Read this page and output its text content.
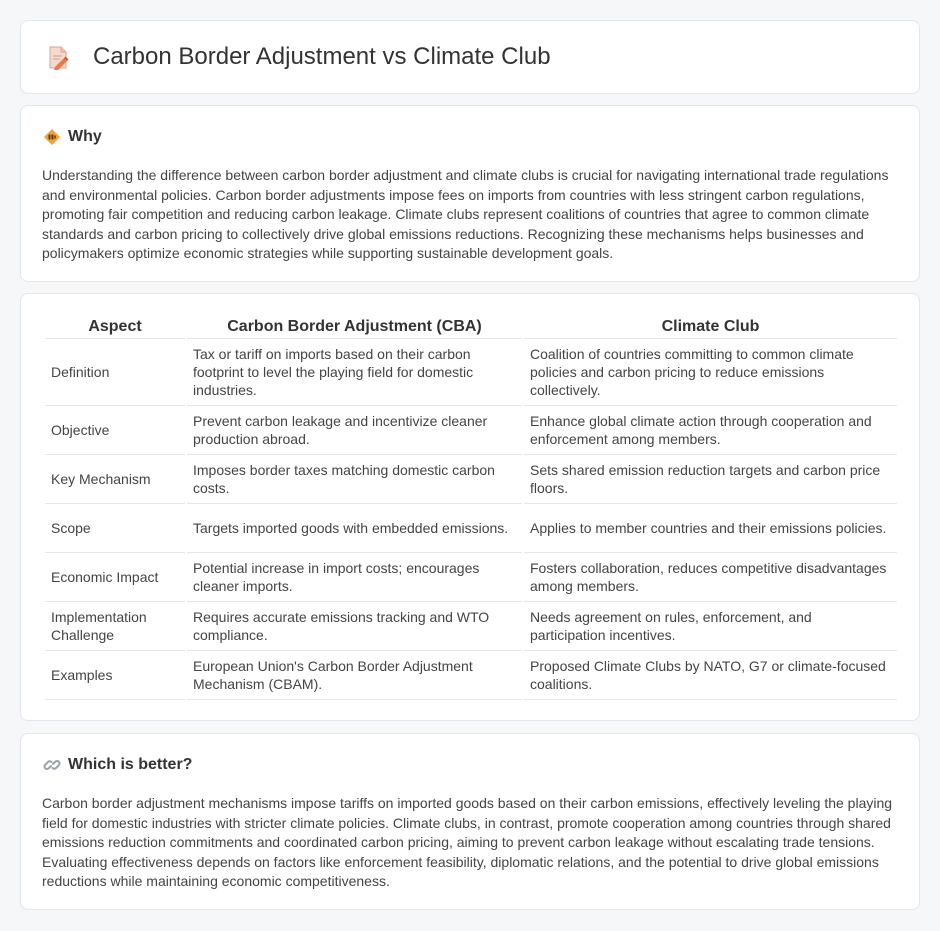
Carbon Border Adjustment vs Climate Club
Why

Understanding the difference between carbon border adjustment and climate clubs is crucial for navigating international trade regulations and environmental policies. Carbon border adjustments impose fees on imports from countries with less stringent carbon regulations, promoting fair competition and reducing carbon leakage. Climate clubs represent coalitions of countries that agree to common climate standards and carbon pricing to collectively drive global emissions reductions. Recognizing these mechanisms helps businesses and policymakers optimize economic strategies while supporting sustainable development goals.

Aspect	Carbon Border Adjustment (CBA)	Climate Club
Definition	Tax or tariff on imports based on their carbon footprint to level the playing field for domestic industries.	Coalition of countries committing to common climate policies and carbon pricing to reduce emissions collectively.
Objective	Prevent carbon leakage and incentivize cleaner production abroad.	Enhance global climate action through cooperation and enforcement among members.
Key Mechanism	Imposes border taxes matching domestic carbon costs.	Sets shared emission reduction targets and carbon price floors.
Scope	Targets imported goods with embedded emissions.	Applies to member countries and their emissions policies.
Economic Impact	Potential increase in import costs; encourages cleaner imports.	Fosters collaboration, reduces competitive disadvantages among members.
Implementation Challenge	Requires accurate emissions tracking and WTO compliance.	Needs agreement on rules, enforcement, and participation incentives.
Examples	European Union's Carbon Border Adjustment Mechanism (CBAM).	Proposed Climate Clubs by NATO, G7 or climate-focused coalitions.
Which is better?

Carbon border adjustment mechanisms impose tariffs on imported goods based on their carbon emissions, effectively leveling the playing field for domestic industries with stricter climate policies. Climate clubs, in contrast, promote cooperation among countries through shared emissions reduction commitments and coordinated carbon pricing, aiming to prevent carbon leakage without escalating trade tensions. Evaluating effectiveness depends on factors like enforcement feasibility, diplomatic relations, and the potential to drive global emissions reductions while maintaining economic competitiveness.
